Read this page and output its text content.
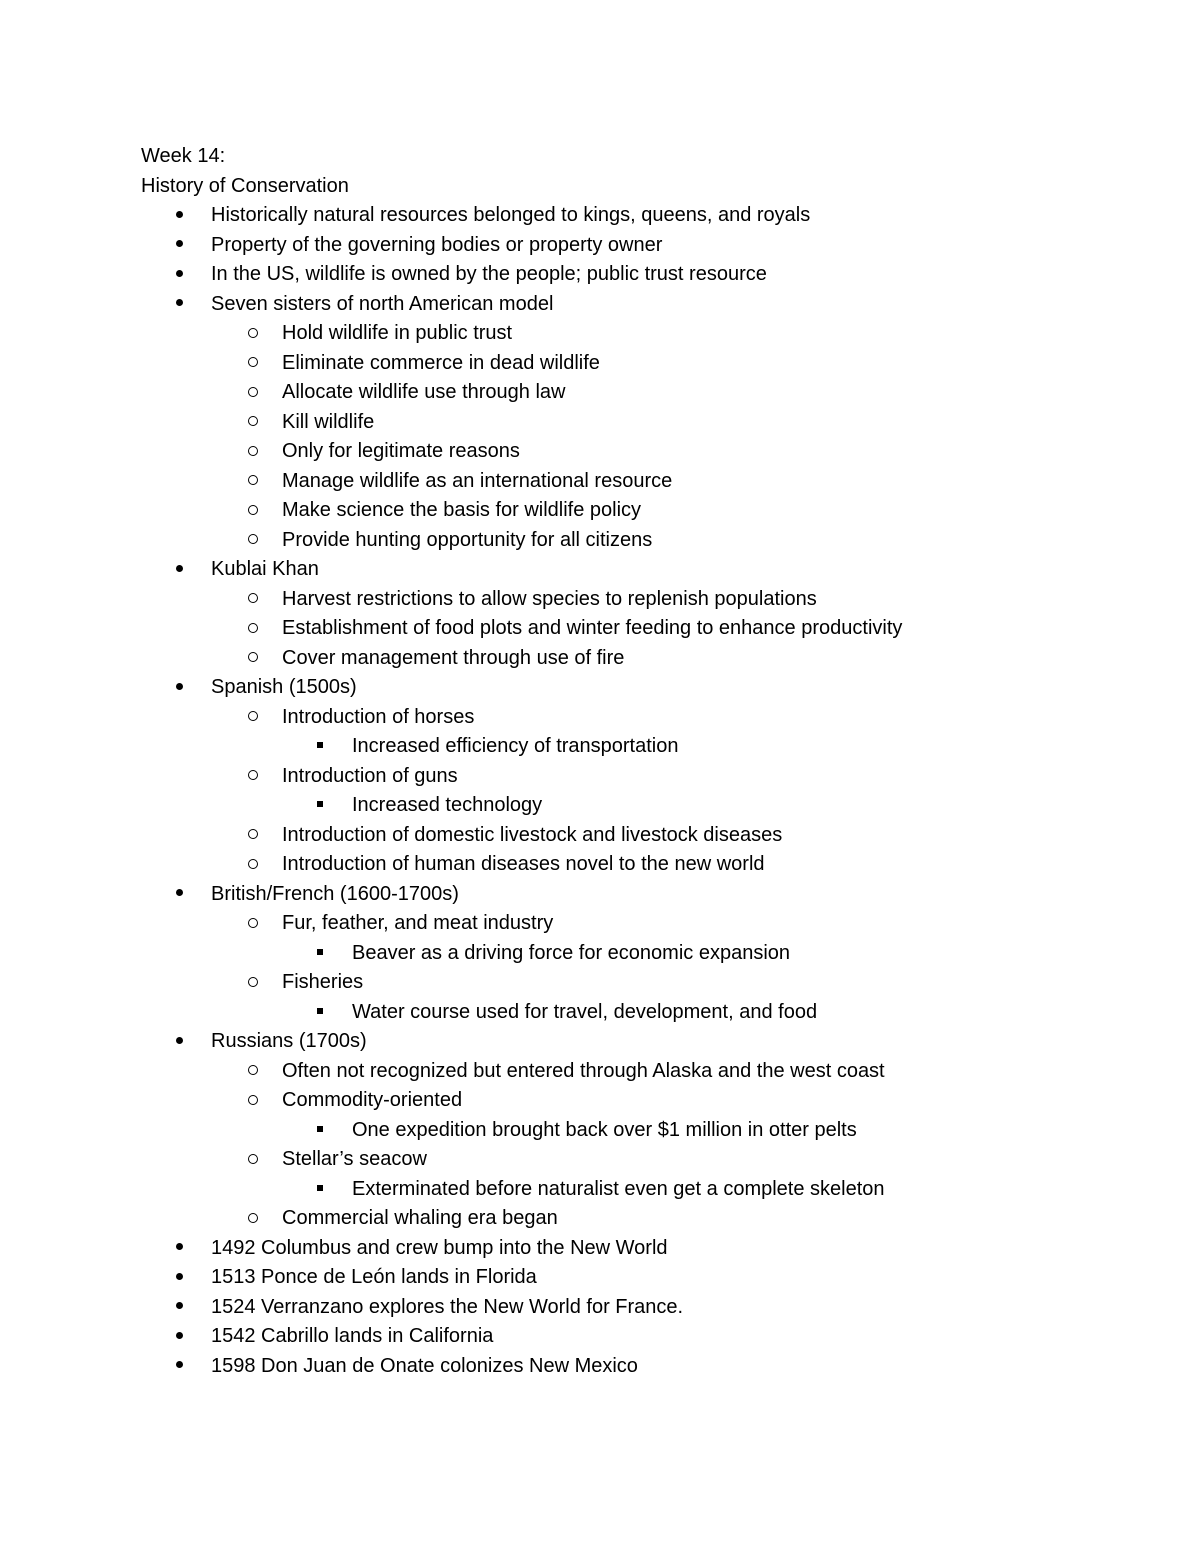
Week 14:
History of Conservation
Historically natural resources belonged to kings, queens, and royals
Property of the governing bodies or property owner
In the US, wildlife is owned by the people; public trust resource
Seven sisters of north American model
Hold wildlife in public trust
Eliminate commerce in dead wildlife
Allocate wildlife use through law
Kill wildlife
Only for legitimate reasons
Manage wildlife as an international resource
Make science the basis for wildlife policy
Provide hunting opportunity for all citizens
Kublai Khan
Harvest restrictions to allow species to replenish populations
Establishment of food plots and winter feeding to enhance productivity
Cover management through use of fire
Spanish (1500s)
Introduction of horses
Increased efficiency of transportation
Introduction of guns
Increased technology
Introduction of domestic livestock and livestock diseases
Introduction of human diseases novel to the new world
British/French (1600-1700s)
Fur, feather, and meat industry
Beaver as a driving force for economic expansion
Fisheries
Water course used for travel, development, and food
Russians (1700s)
Often not recognized but entered through Alaska and the west coast
Commodity-oriented
One expedition brought back over $1 million in otter pelts
Stellar’s seacow
Exterminated before naturalist even get a complete skeleton
Commercial whaling era began
1492 Columbus and crew bump into the New World
1513 Ponce de León lands in Florida
1524 Verranzano explores the New World for France.
1542 Cabrillo lands in California
1598 Don Juan de Onate colonizes New Mexico
